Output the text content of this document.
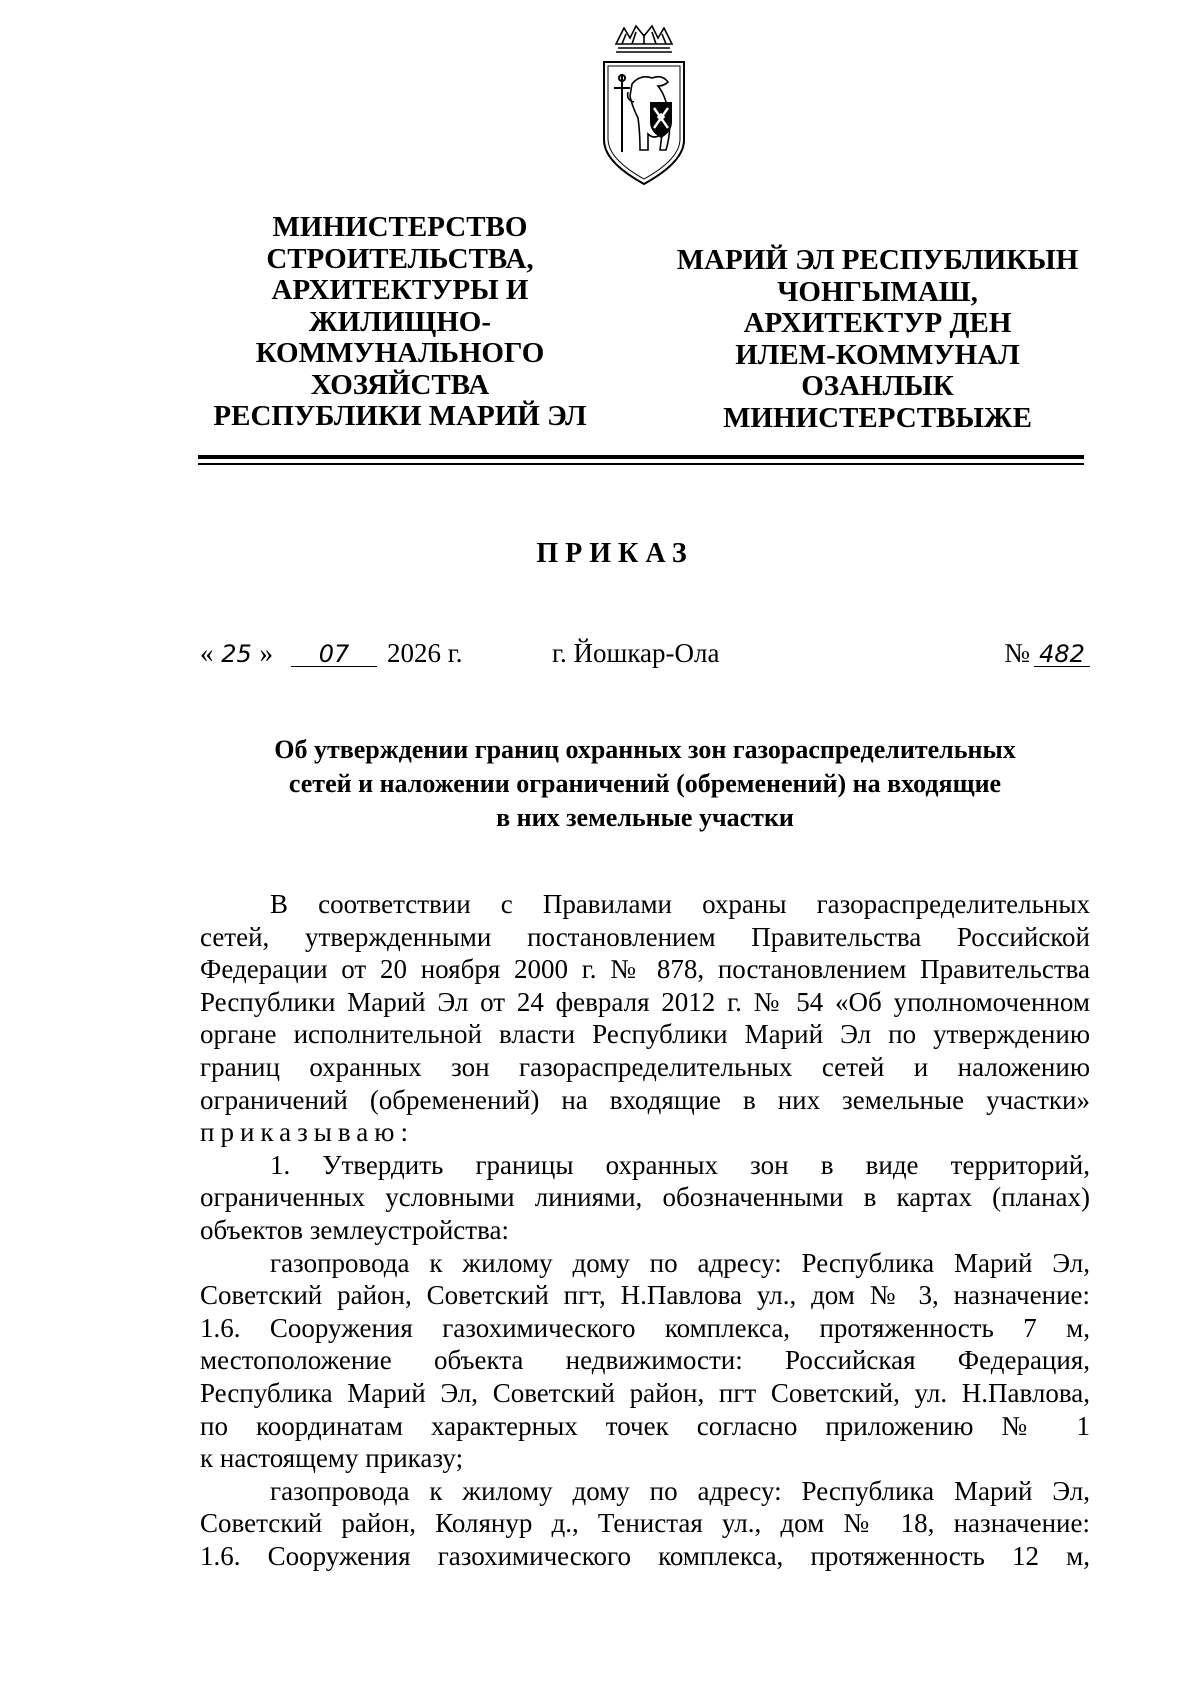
МИНИСТЕРСТВО
СТРОИТЕЛЬСТВА,
АРХИТЕКТУРЫ И
ЖИЛИЩНО-
КОММУНАЛЬНОГО
ХОЗЯЙСТВА
РЕСПУБЛИКИ МАРИЙ ЭЛ
МАРИЙ ЭЛ РЕСПУБЛИКЫН
ЧОНГЫМАШ,
АРХИТЕКТУР ДЕН
ИЛЕМ-КОММУНАЛ
ОЗАНЛЫК
МИНИСТЕРСТВЫЖЕ
ПРИКАЗ
« 25 » 07 2026 г.	г. Йошкар-Ола	№ 482
Об утверждении границ охранных зон газораспределительных
сетей и наложении ограничений (обременений) на входящие
в них земельные участки
В соответствии с Правилами охраны газораспределительных
сетей, утвержденными постановлением Правительства Российской
Федерации от 20 ноября 2000 г. № 878, постановлением Правительства
Республики Марий Эл от 24 февраля 2012 г. № 54 «Об уполномоченном
органе исполнительной власти Республики Марий Эл по утверждению
границ охранных зон газораспределительных сетей и наложению
ограничений (обременений) на входящие в них земельные участки»
приказываю:
1. Утвердить границы охранных зон в виде территорий,
ограниченных условными линиями, обозначенными в картах (планах)
объектов землеустройства:
газопровода к жилому дому по адресу: Республика Марий Эл,
Советский район, Советский пгт, Н.Павлова ул., дом № 3, назначение:
1.6. Сооружения газохимического комплекса, протяженность 7 м,
местоположение объекта недвижимости: Российская Федерация,
Республика Марий Эл, Советский район, пгт Советский, ул. Н.Павлова,
по координатам характерных точек согласно приложению № 1
к настоящему приказу;
газопровода к жилому дому по адресу: Республика Марий Эл,
Советский район, Колянур д., Тенистая ул., дом № 18, назначение:
1.6. Сооружения газохимического комплекса, протяженность 12 м,
